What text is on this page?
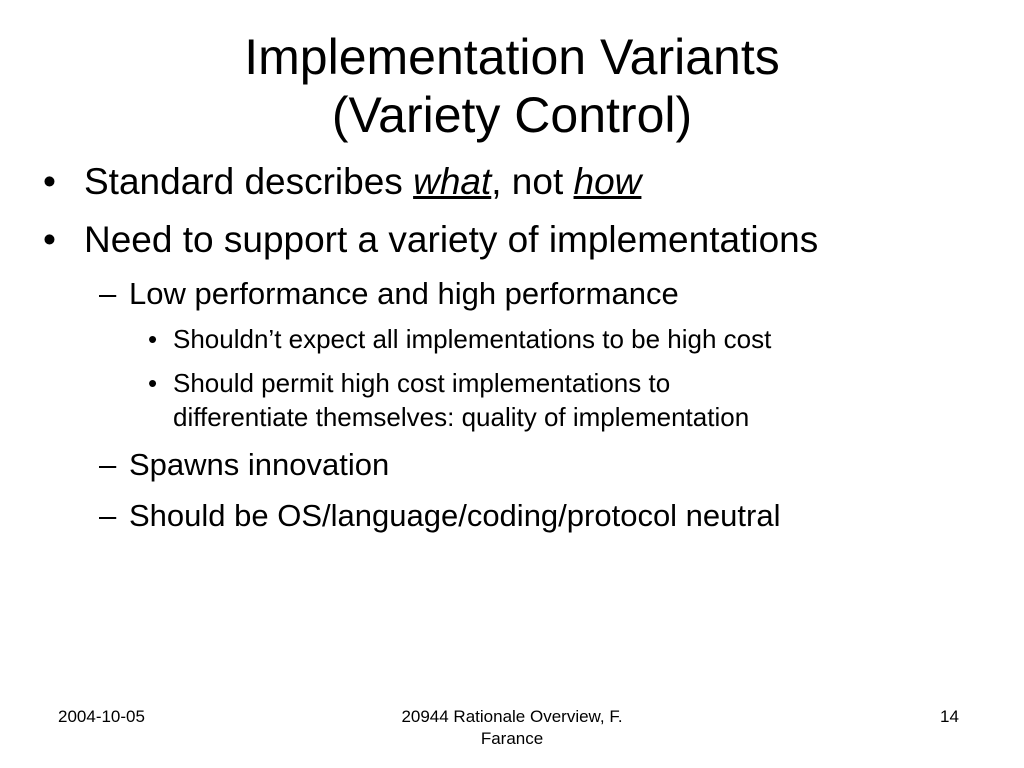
Implementation Variants
(Variety Control)
• Standard describes what, not how
• Need to support a variety of implementations
– Low performance and high performance
• Shouldn’t expect all implementations to be high cost
• Should permit high cost implementations to
differentiate themselves: quality of implementation
– Spawns innovation
– Should be OS/language/coding/protocol neutral
2004-10-05	20944 Rationale Overview, F.
Farance
14
